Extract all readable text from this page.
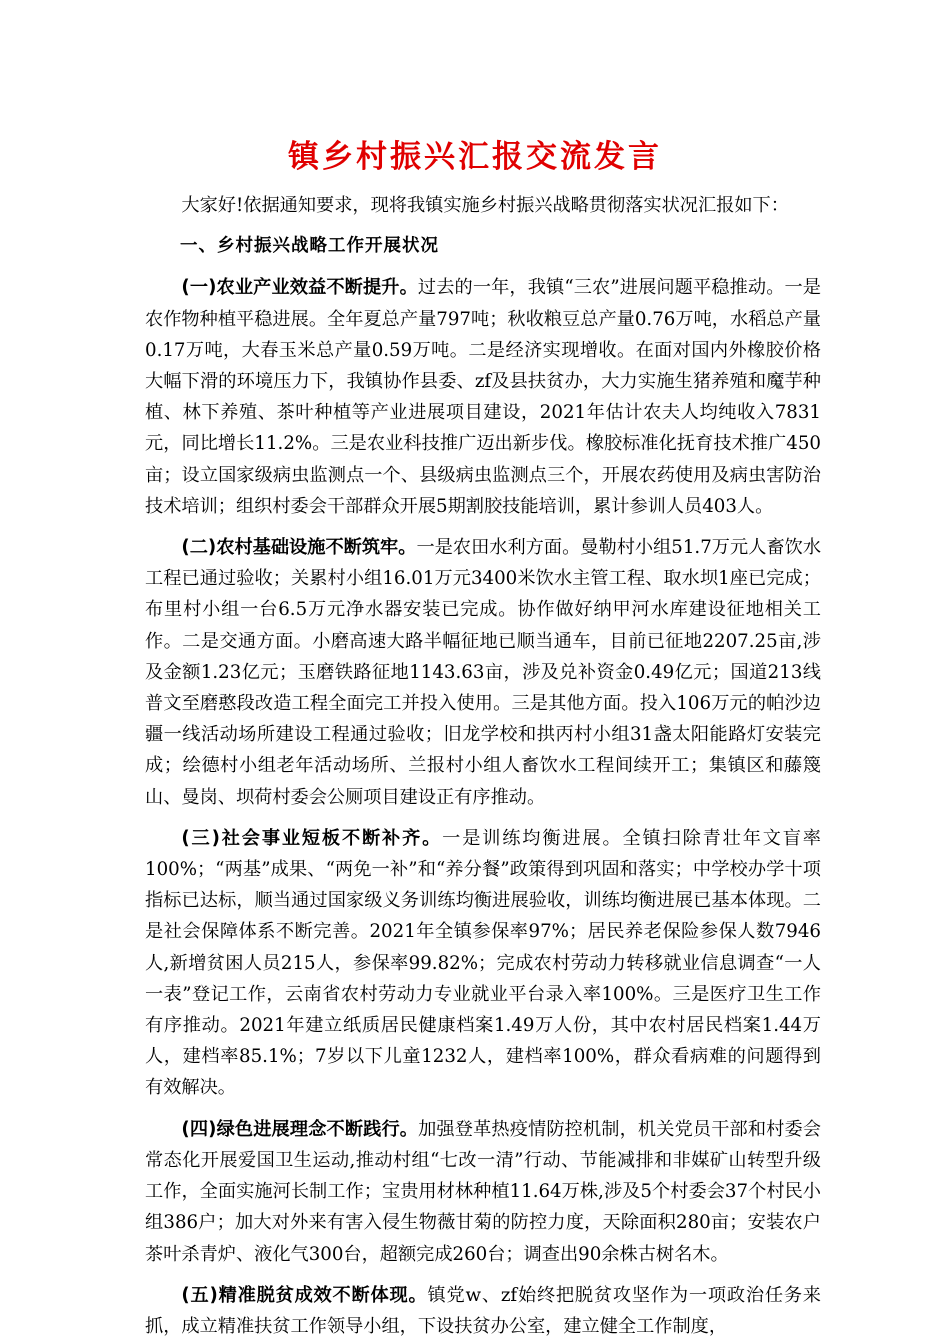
镇乡村振兴汇报交流发言

大家好!依据通知要求，现将我镇实施乡村振兴战略贯彻落实状况汇报如下：

一、乡村振兴战略工作开展状况

(一)农业产业效益不断提升。过去的一年，我镇“三农”进展问题平稳推动。一是农作物种植平稳进展。全年夏总产量797吨；秋收粮豆总产量0.76万吨，水稻总产量0.17万吨，大春玉米总产量0.59万吨。二是经济实现增收。在面对国内外橡胶价格大幅下滑的环境压力下，我镇协作县委、zf及县扶贫办，大力实施生猪养殖和魔芋种植、林下养殖、茶叶种植等产业进展项目建设，2021年估计农夫人均纯收入7831元，同比增长11.2%。三是农业科技推广迈出新步伐。橡胶标准化抚育技术推广450亩；设立国家级病虫监测点一个、县级病虫监测点三个，开展农药使用及病虫害防治技术培训；组织村委会干部群众开展5期割胶技能培训，累计参训人员403人。

(二)农村基础设施不断筑牢。一是农田水利方面。曼勒村小组51.7万元人畜饮水工程已通过验收；关累村小组16.01万元3400米饮水主管工程、取水坝1座已完成；布里村小组一台6.5万元净水器安装已完成。协作做好纳甲河水库建设征地相关工作。二是交通方面。小磨高速大路半幅征地已顺当通车，目前已征地2207.25亩,涉及金额1.23亿元；玉磨铁路征地1143.63亩，涉及兑补资金0.49亿元；国道213线普文至磨憨段改造工程全面完工并投入使用。三是其他方面。投入106万元的帕沙边疆一线活动场所建设工程通过验收；旧龙学校和拱丙村小组31盏太阳能路灯安装完成；绘德村小组老年活动场所、兰报村小组人畜饮水工程间续开工；集镇区和藤篾山、曼岗、坝荷村委会公厕项目建设正有序推动。

(三)社会事业短板不断补齐。一是训练均衡进展。全镇扫除青壮年文盲率100%；“两基”成果、“两免一补”和“养分餐”政策得到巩固和落实；中学校办学十项指标已达标，顺当通过国家级义务训练均衡进展验收，训练均衡进展已基本体现。二是社会保障体系不断完善。2021年全镇参保率97%；居民养老保险参保人数7946人,新增贫困人员215人，参保率99.82%；完成农村劳动力转移就业信息调查“一人一表”登记工作，云南省农村劳动力专业就业平台录入率100%。三是医疗卫生工作有序推动。2021年建立纸质居民健康档案1.49万人份，其中农村居民档案1.44万人，建档率85.1%；7岁以下儿童1232人，建档率100%，群众看病难的问题得到有效解决。

(四)绿色进展理念不断践行。加强登革热疫情防控机制，机关党员干部和村委会常态化开展爱国卫生运动,推动村组“七改一清”行动、节能减排和非媒矿山转型升级工作，全面实施河长制工作；宝贵用材林种植11.64万株,涉及5个村委会37个村民小组386户；加大对外来有害入侵生物薇甘菊的防控力度，天除面积280亩；安装农户茶叶杀青炉、液化气300台，超额完成260台；调查出90余株古树名木。

(五)精准脱贫成效不断体现。镇党w、zf始终把脱贫攻坚作为一项政治任务来抓，成立精准扶贫工作领导小组，下设扶贫办公室，建立健全工作制度，
